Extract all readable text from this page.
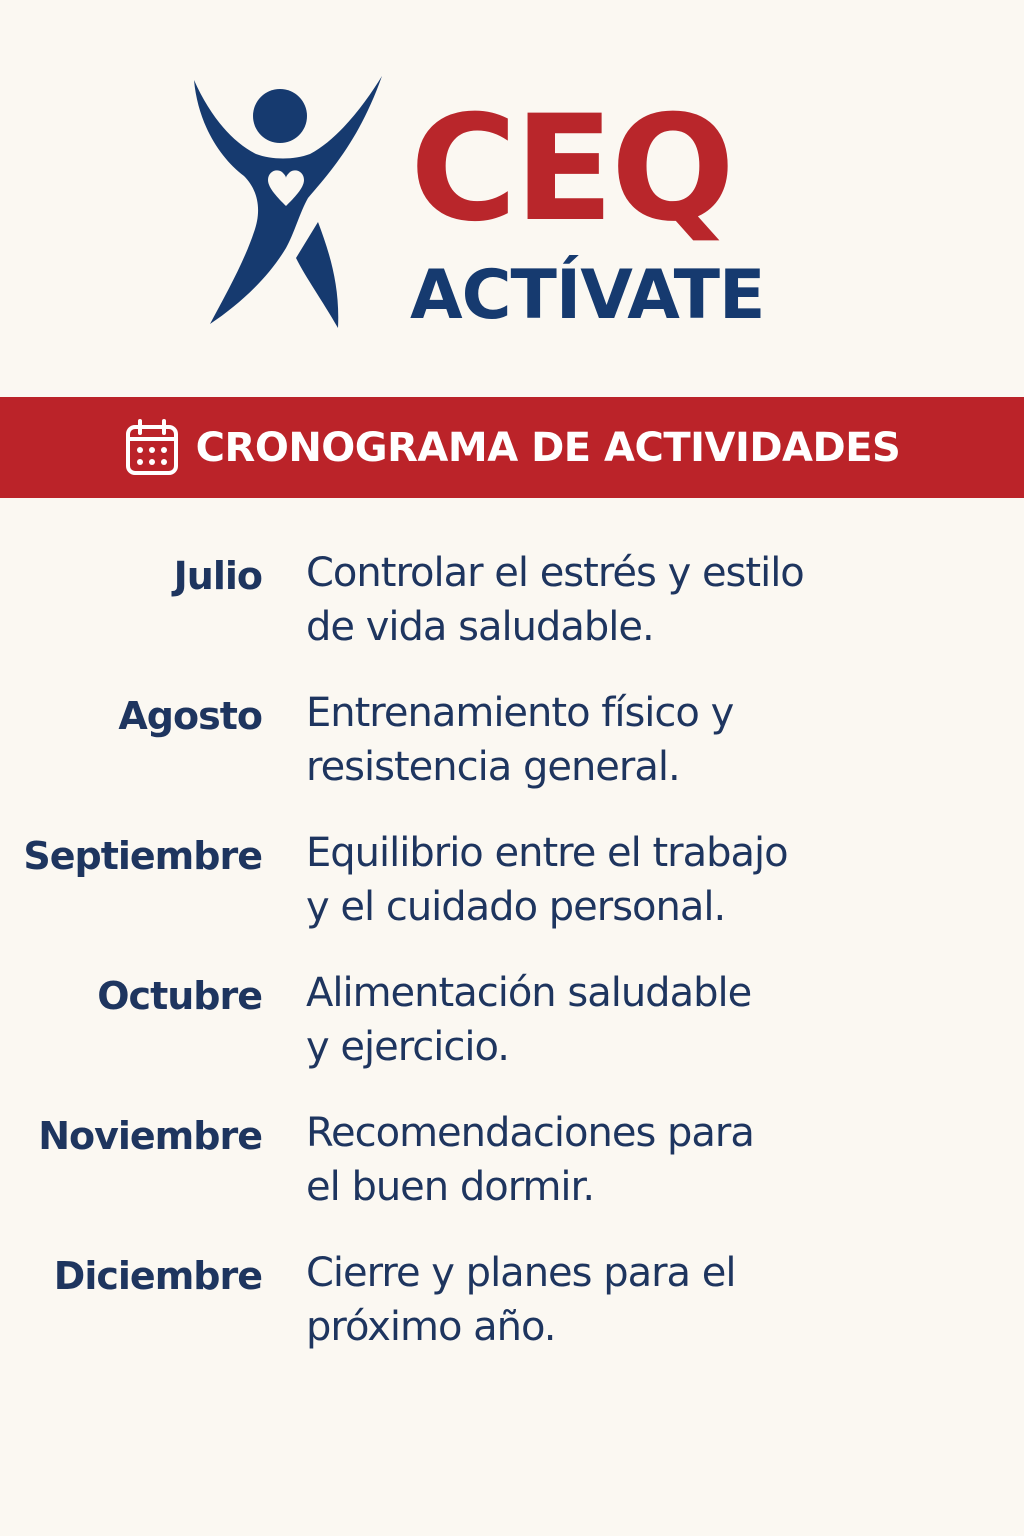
CEQ
ACTÍVATE
CRONOGRAMA DE ACTIVIDADES
Julio Controlar el estrés y estilo
de vida saludable.
Agosto Entrenamiento físico y
resistencia general.
Septiembre Equilibrio entre el trabajo
y el cuidado personal.
Octubre Alimentación saludable
y ejercicio.
Noviembre Recomendaciones para
el buen dormir.
Diciembre Cierre y planes para el
próximo año.
